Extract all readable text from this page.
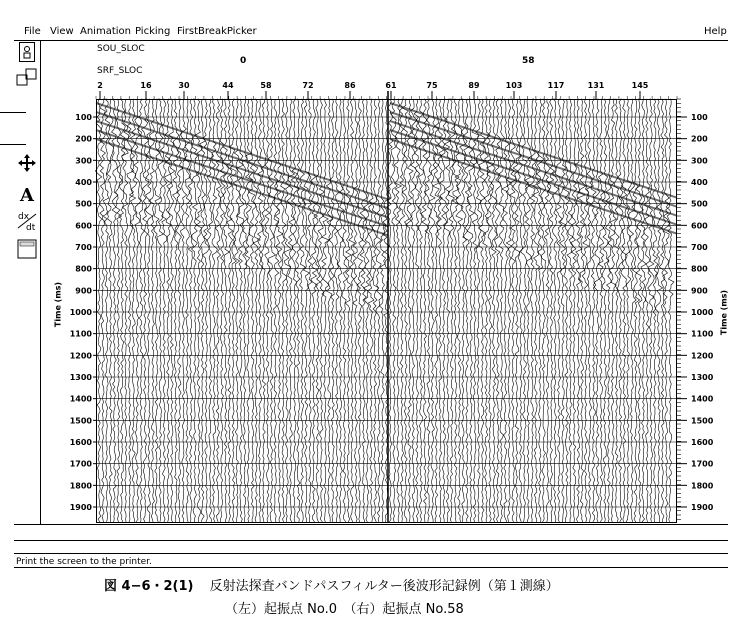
File View Animation Picking FirstBreakPicker	Help
A
dx
dt
SOU_SLOC
SRF_SLOC
0	58
100	100
200	200
300	300
400	400
500	500
600	600
700	700
800	800
900	900
1000	1000
1100	1100
1200	1200
1300	1300
1400	1400
1500	1500
1600	1600
1700	1700
1800	1800
1900	1900
2	16	30	44	58	72	86	61	75	89	103	117	131	145
Time (ms)	Time (ms)
Print the screen to the printer.
図 4−6・2(1) 反射法探査バンドパスフィルター後波形記録例（第１測線）
（左）起振点 No.0　（右）起振点 No.58
